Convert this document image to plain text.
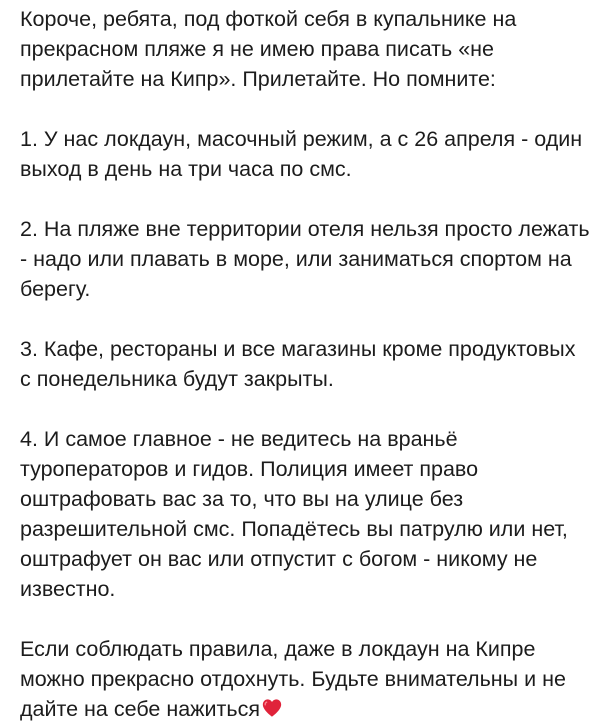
Короче, ребята, под фоткой себя в купальнике на прекрасном пляже я не имею права писать «не прилетайте на Кипр». Прилетайте. Но помните:

1. У нас локдаун, масочный режим, а с 26 апреля - один выход в день на три часа по смс.

2. На пляже вне территории отеля нельзя просто лежать - надо или плавать в море, или заниматься спортом на берегу.

3. Кафе, рестораны и все магазины кроме продуктовых с понедельника будут закрыты.

4. И самое главное - не ведитесь на враньё туроператоров и гидов. Полиция имеет право оштрафовать вас за то, что вы на улице без разрешительной смс. Попадётесь вы патрулю или нет, оштрафует он вас или отпустит с богом - никому не известно.

Если соблюдать правила, даже в локдаун на Кипре можно прекрасно отдохнуть. Будьте внимательны и не дайте на себе нажиться
